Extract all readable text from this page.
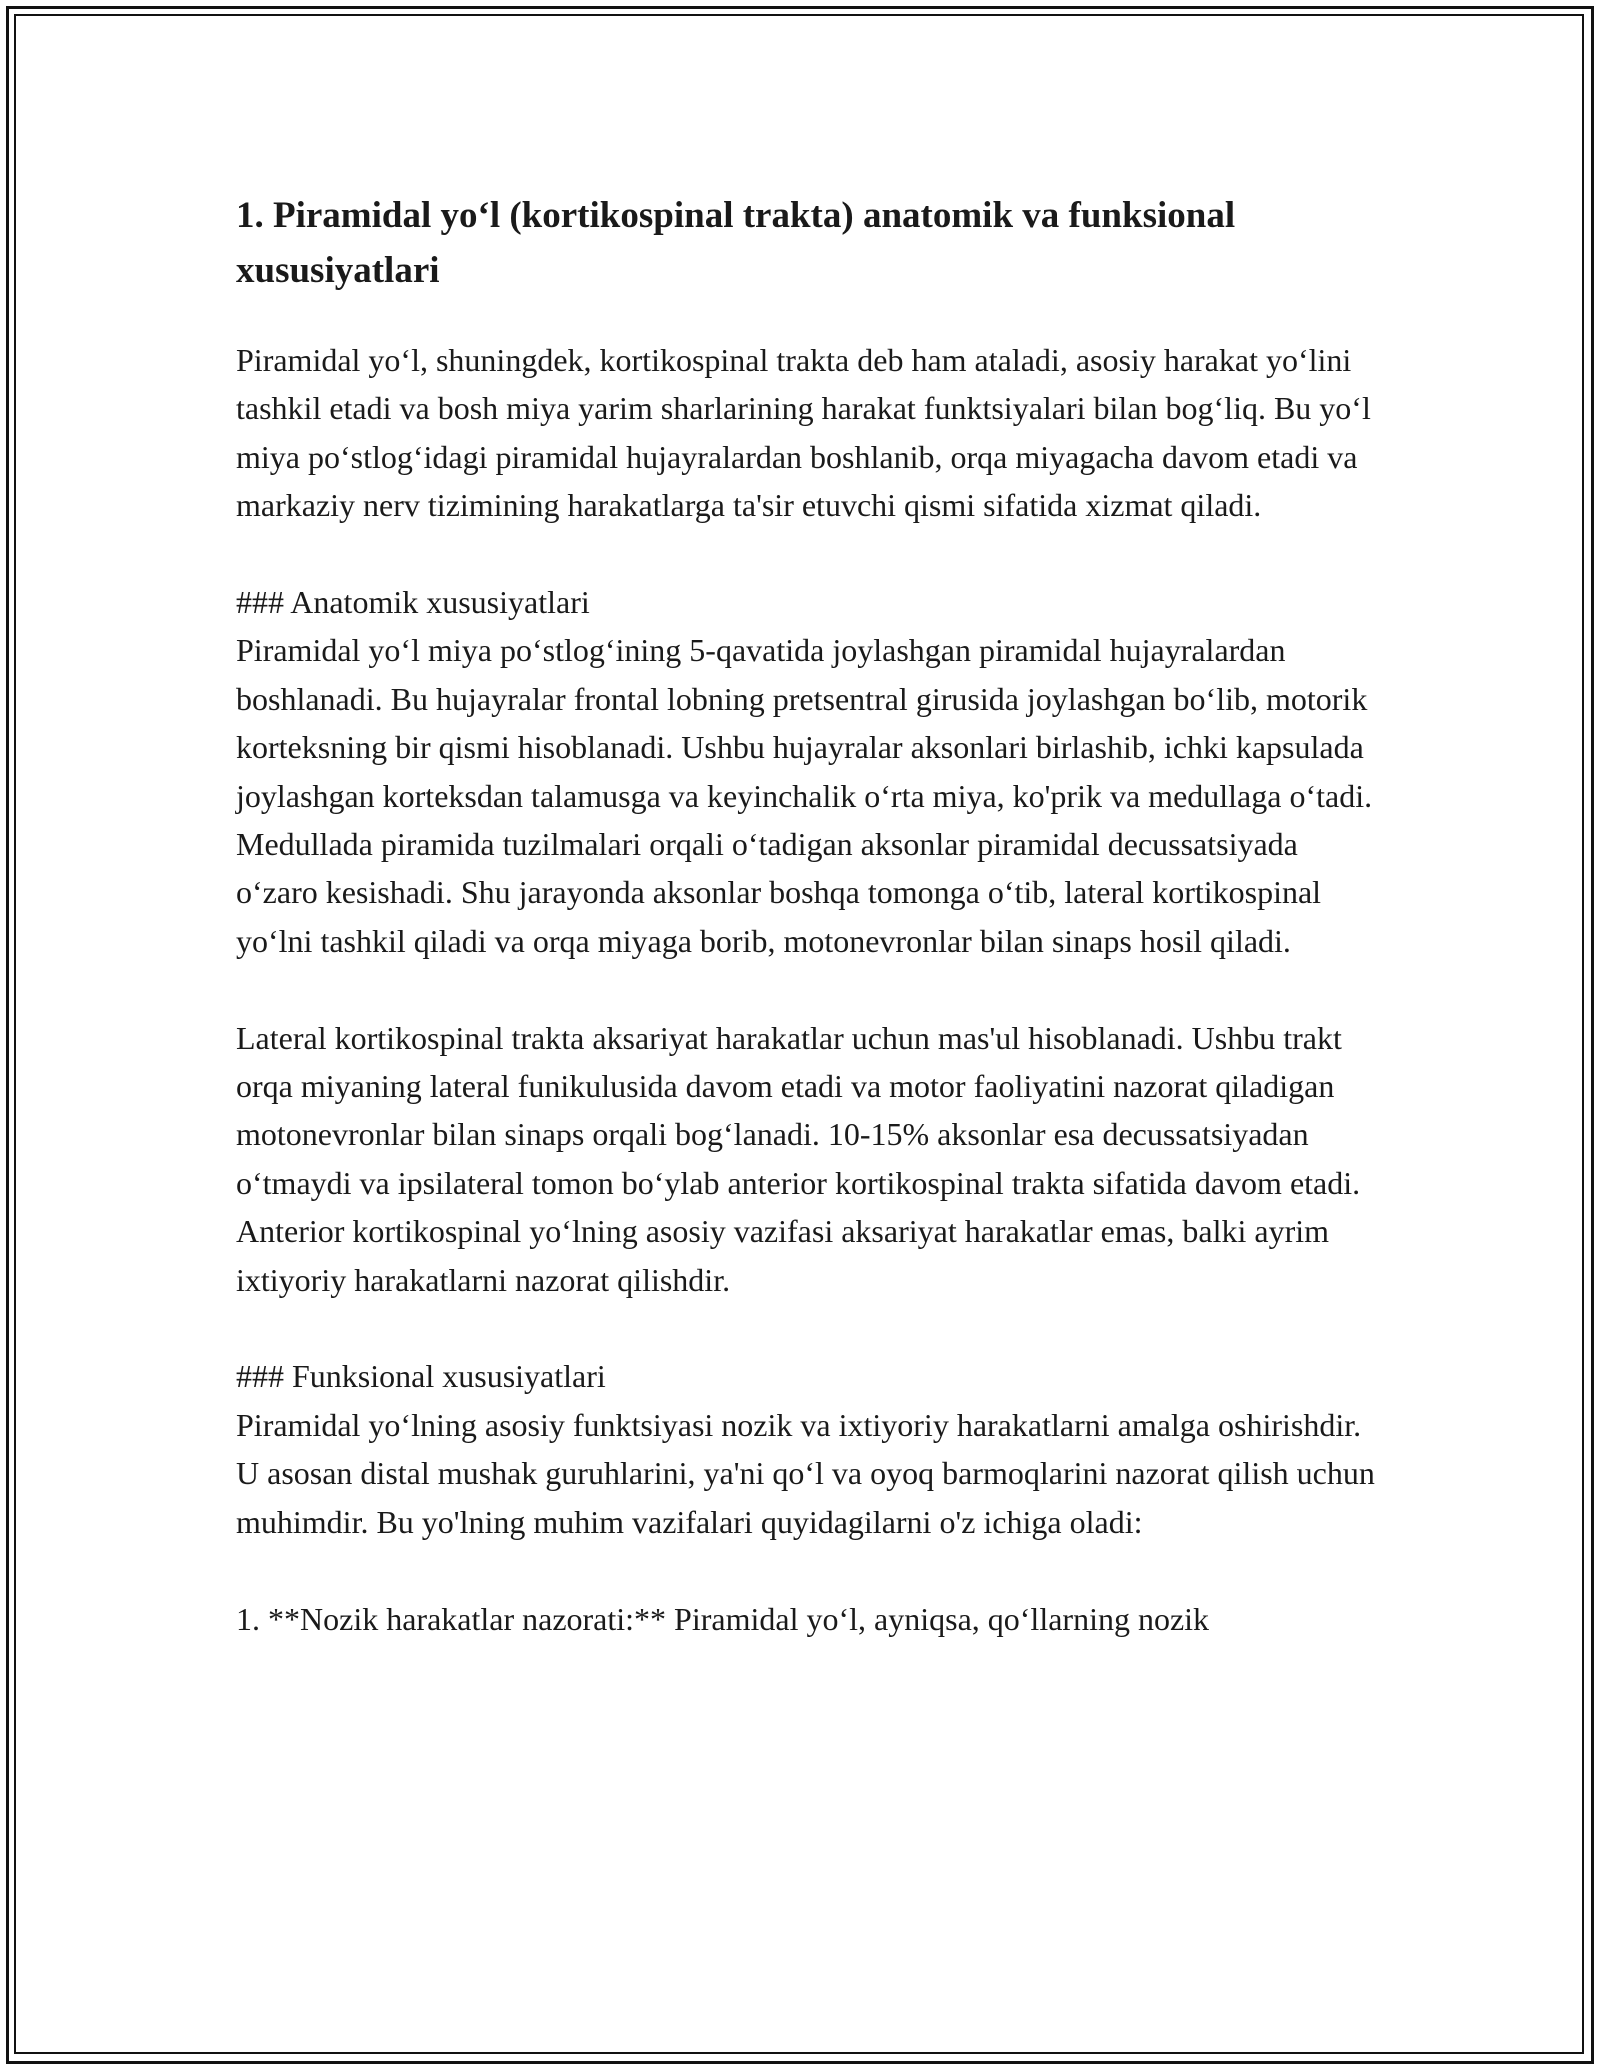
1. Piramidal yo‘l (kortikospinal trakta) anatomik va funksional xususiyatlari

Piramidal yo‘l, shuningdek, kortikospinal trakta deb ham ataladi, asosiy harakat yo‘lini tashkil etadi va bosh miya yarim sharlarining harakat funktsiyalari bilan bog‘liq. Bu yo‘l miya po‘stlog‘idagi piramidal hujayralardan boshlanib, orqa miyagacha davom etadi va markaziy nerv tizimining harakatlarga ta'sir etuvchi qismi sifatida xizmat qiladi.

### Anatomik xususiyatlari

Piramidal yo‘l miya po‘stlog‘ining 5-qavatida joylashgan piramidal hujayralardan boshlanadi. Bu hujayralar frontal lobning pretsentral girusida joylashgan bo‘lib, motorik korteksning bir qismi hisoblanadi. Ushbu hujayralar aksonlari birlashib, ichki kapsulada joylashgan korteksdan talamusga va keyinchalik o‘rta miya, ko'prik va medullaga o‘tadi. Medullada piramida tuzilmalari orqali o‘tadigan aksonlar piramidal decussatsiyada o‘zaro kesishadi. Shu jarayonda aksonlar boshqa tomonga o‘tib, lateral kortikospinal yo‘lni tashkil qiladi va orqa miyaga borib, motonevronlar bilan sinaps hosil qiladi.

Lateral kortikospinal trakta aksariyat harakatlar uchun mas'ul hisoblanadi. Ushbu trakt orqa miyaning lateral funikulusida davom etadi va motor faoliyatini nazorat qiladigan motonevronlar bilan sinaps orqali bog‘lanadi. 10-15% aksonlar esa decussatsiyadan o‘tmaydi va ipsilateral tomon bo‘ylab anterior kortikospinal trakta sifatida davom etadi. Anterior kortikospinal yo‘lning asosiy vazifasi aksariyat harakatlar emas, balki ayrim ixtiyoriy harakatlarni nazorat qilishdir.

### Funksional xususiyatlari

Piramidal yo‘lning asosiy funktsiyasi nozik va ixtiyoriy harakatlarni amalga oshirishdir. U asosan distal mushak guruhlarini, ya'ni qo‘l va oyoq barmoqlarini nazorat qilish uchun muhimdir. Bu yo'lning muhim vazifalari quyidagilarni o'z ichiga oladi:

1. **Nozik harakatlar nazorati:** Piramidal yo‘l, ayniqsa, qo‘llarning nozik
